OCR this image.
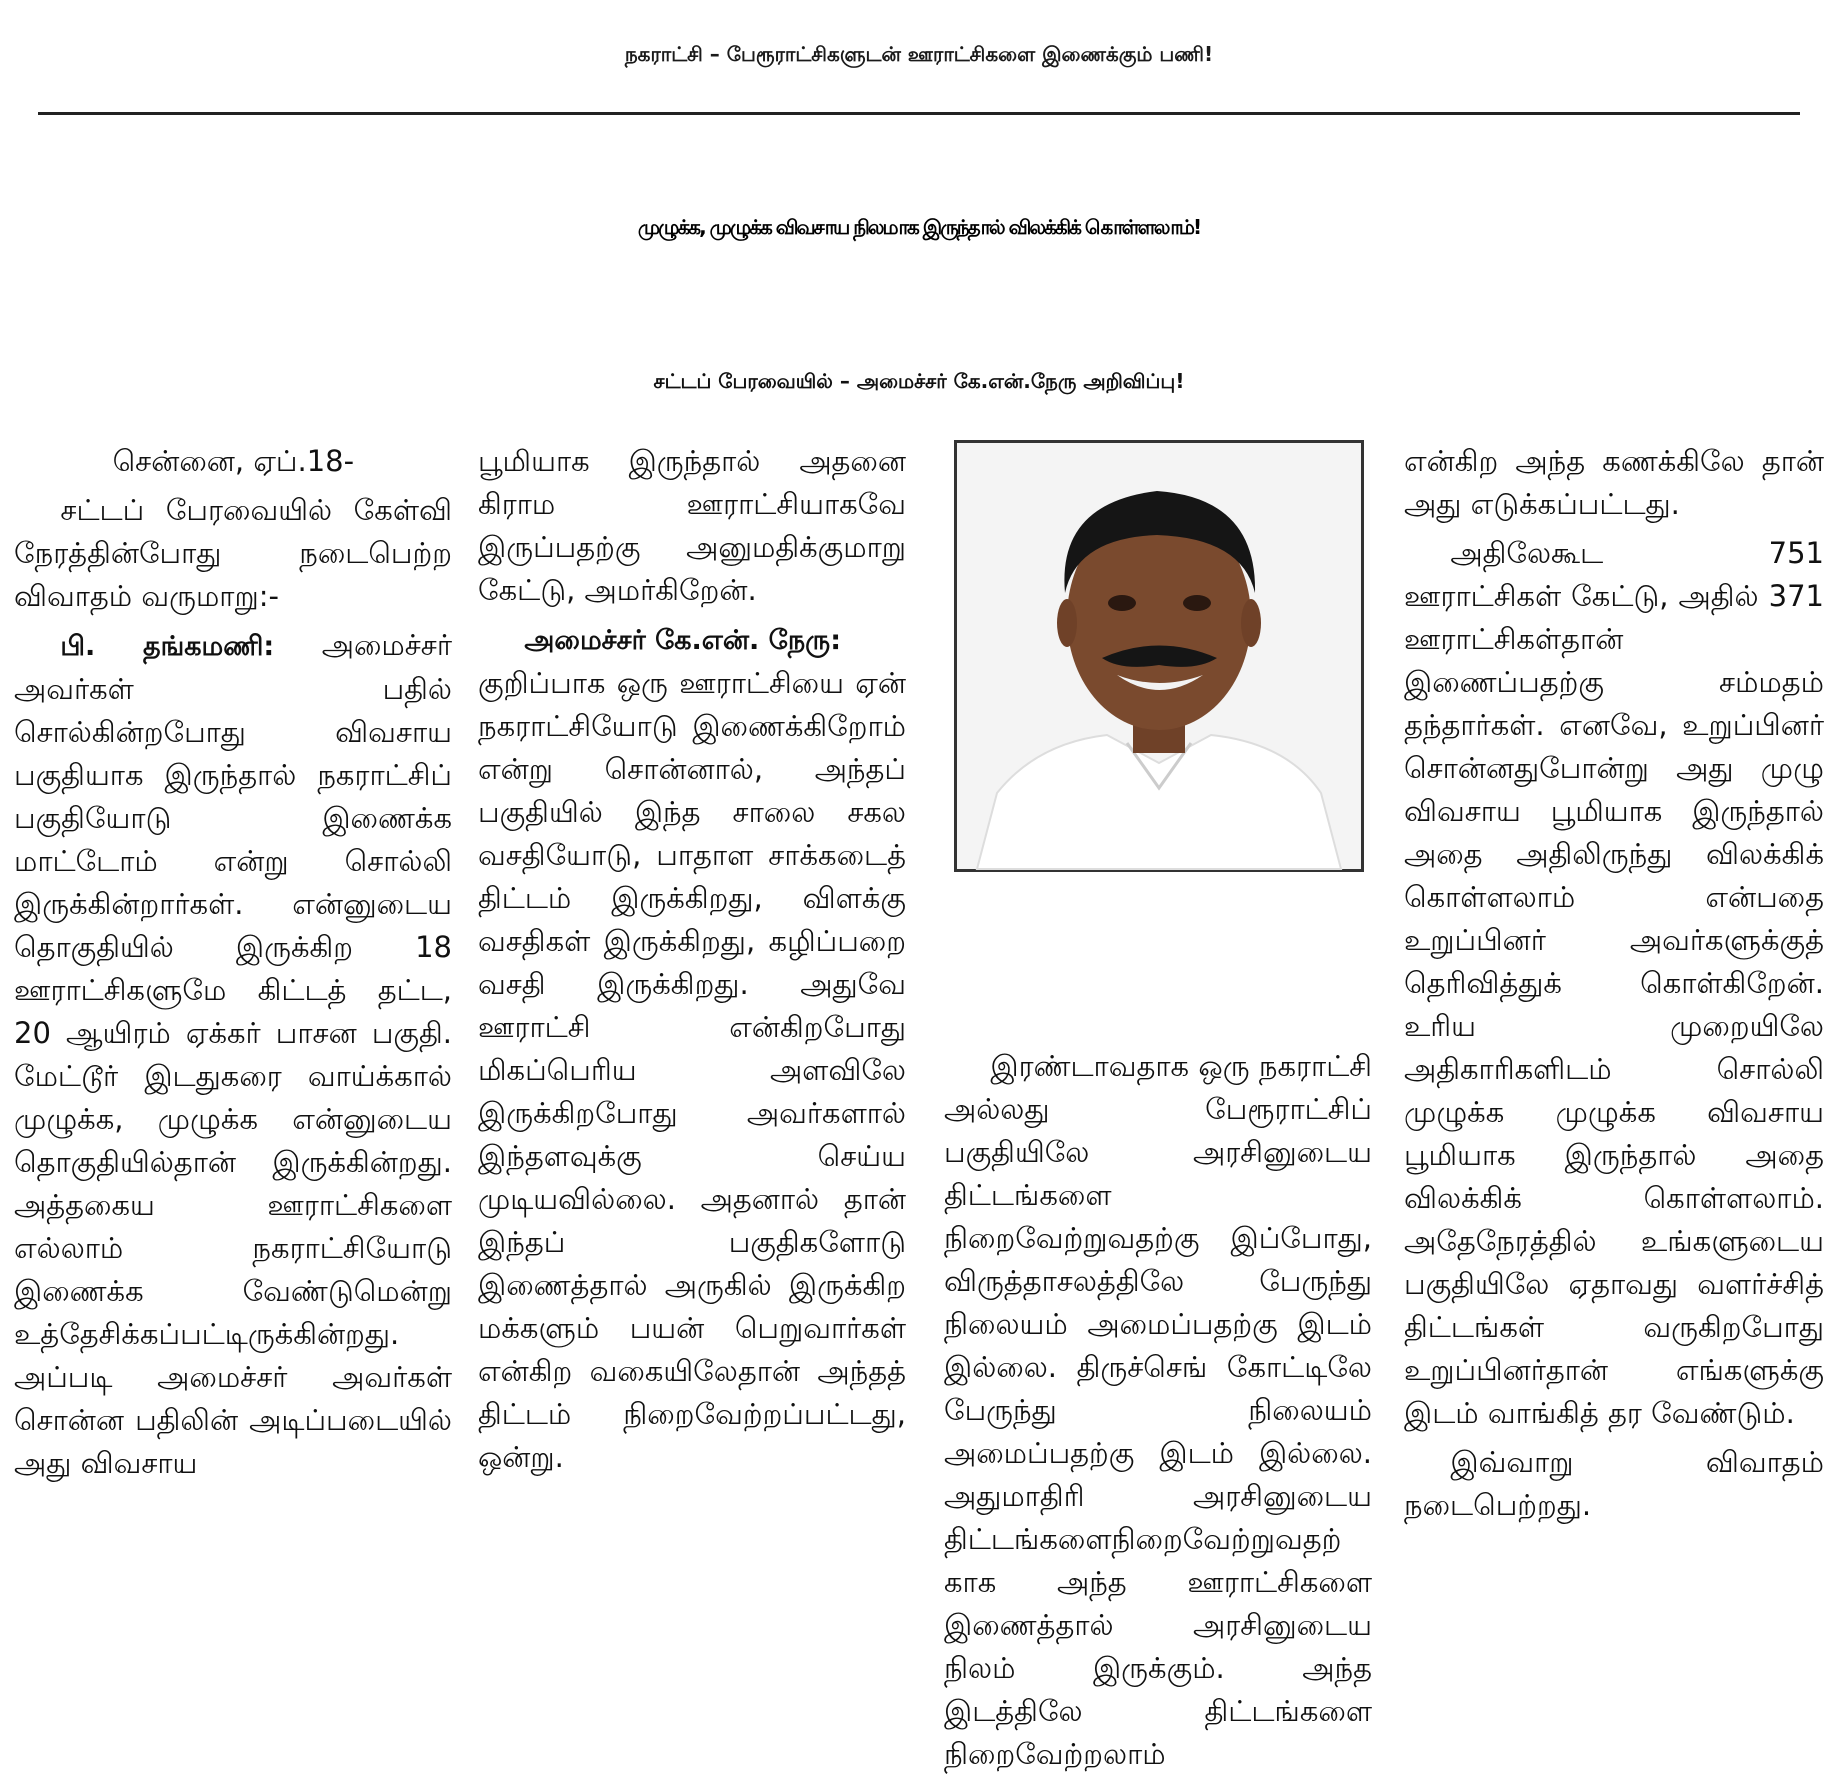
நகராட்சி – பேரூராட்சிகளுடன் ஊராட்சிகளை இணைக்கும் பணி!
முழுக்க, முழுக்க விவசாய நிலமாக இருந்தால் விலக்கிக் கொள்ளலாம்!
சட்டப் பேரவையில் – அமைச்சர் கே.என்.நேரு அறிவிப்பு!

சென்னை, ஏப்.18-

சட்டப் பேரவையில் கேள்வி நேரத்தின்போது நடைபெற்ற விவாதம் வருமாறு:-

பி. தங்கமணி: அமைச்சர் அவர்கள் பதில் சொல்கின்றபோது விவசாய பகுதியாக இருந்தால் நகராட்சிப் பகுதியோடு இணைக்க மாட்டோம் என்று சொல்லி இருக்கின்றார்கள். என்னுடைய தொகுதியில் இருக்கிற 18 ஊராட்சிகளுமே கிட்டத் தட்ட, 20 ஆயிரம் ஏக்கர் பாசன பகுதி. மேட்டூர் இடதுகரை வாய்க்கால் முழுக்க, முழுக்க என்னுடைய தொகுதியில்தான் இருக்கின்றது. அத்தகைய ஊராட்சிகளை எல்லாம் நகராட்சியோடு இணைக்க வேண்டுமென்று உத்தேசிக்கப்பட்டிருக்கின்றது. அப்படி அமைச்சர் அவர்கள் சொன்ன பதிலின் அடிப்படையில் அது விவசாய

பூமியாக இருந்தால் அதனை கிராம ஊராட்சியாகவே இருப்பதற்கு அனுமதிக்குமாறு கேட்டு, அமர்கிறேன்.

அமைச்சர் கே.என். நேரு:
குறிப்பாக ஒரு ஊராட்சியை ஏன் நகராட்சியோடு இணைக்கிறோம் என்று சொன்னால், அந்தப் பகுதியில் இந்த சாலை சகல வசதியோடு, பாதாள சாக்கடைத் திட்டம் இருக்கிறது, விளக்கு வசதிகள் இருக்கிறது, கழிப்பறை வசதி இருக்கிறது. அதுவே ஊராட்சி என்கிறபோது மிகப்பெரிய அளவிலே இருக்கிறபோது அவர்களால் இந்தளவுக்கு செய்ய முடியவில்லை. அதனால் தான் இந்தப் பகுதிகளோடு இணைத்தால் அருகில் இருக்கிற மக்களும் பயன் பெறுவார்கள் என்கிற வகையிலேதான் அந்தத் திட்டம் நிறைவேற்றப்பட்டது, ஒன்று.

இரண்டாவதாக ஒரு நகராட்சி அல்லது பேரூராட்சிப் பகுதியிலே அரசினுடைய திட்டங்களை நிறைவேற்றுவதற்கு இப்போது, விருத்தாசலத்திலே பேருந்து நிலையம் அமைப்பதற்கு இடம் இல்லை. திருச்செங் கோட்டிலே பேருந்து நிலையம் அமைப்பதற்கு இடம் இல்லை. அதுமாதிரி அரசினுடைய திட்டங்களைநிறைவேற்றுவதற்காக அந்த ஊராட்சிகளை இணைத்தால் அரசினுடைய நிலம் இருக்கும். அந்த இடத்திலே திட்டங்களை நிறைவேற்றலாம்

என்கிற அந்த கணக்கிலே தான் அது எடுக்கப்பட்டது.

அதிலேகூட 751 ஊராட்சிகள் கேட்டு, அதில் 371 ஊராட்சிகள்தான் இணைப்பதற்கு சம்மதம் தந்தார்கள். எனவே, உறுப்பினர் சொன்னதுபோன்று அது முழு விவசாய பூமியாக இருந்தால் அதை அதிலிருந்து விலக்கிக் கொள்ளலாம் என்பதை உறுப்பினர் அவர்களுக்குத் தெரிவித்துக் கொள்கிறேன். உரிய முறையிலே அதிகாரிகளிடம் சொல்லி முழுக்க முழுக்க விவசாய பூமியாக இருந்தால் அதை விலக்கிக் கொள்ளலாம். அதேநேரத்தில் உங்களுடைய பகுதியிலே ஏதாவது வளர்ச்சித் திட்டங்கள் வருகிறபோது உறுப்பினர்தான் எங்களுக்கு இடம் வாங்கித் தர வேண்டும்.

இவ்வாறு விவாதம் நடைபெற்றது.
